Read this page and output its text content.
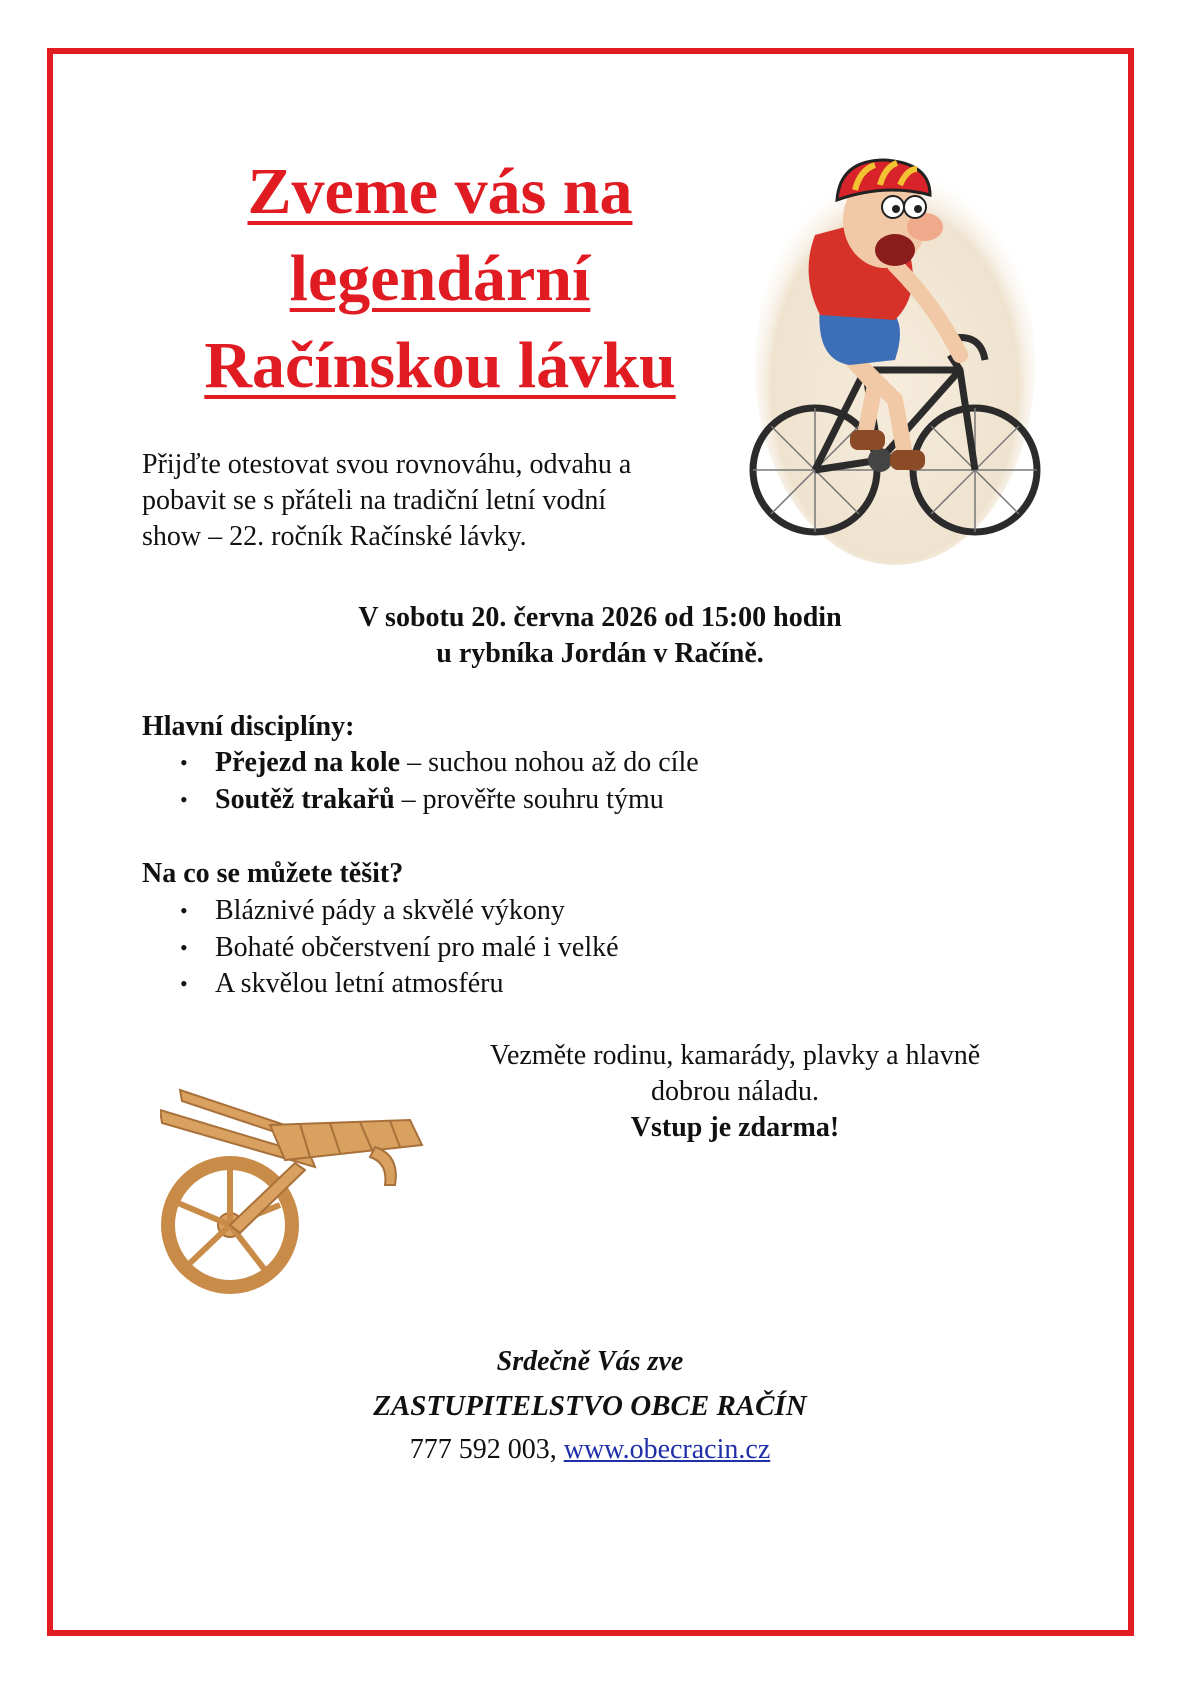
Zveme vás na
legendární
Račínskou lávku
Přijďte otestovat svou rovnováhu, odvahu a
pobavit se s přáteli na tradiční letní vodní
show – 22. ročník Račínské lávky.
V sobotu 20. června 2026 od 15:00 hodin
u rybníka Jordán v Račíně.
Hlavní disciplíny:
• Přejezd na kole – suchou nohou až do cíle
• Soutěž trakařů – prověřte souhru týmu
Na co se můžete těšit?
• Bláznivé pády a skvělé výkony
• Bohaté občerstvení pro malé i velké
• A skvělou letní atmosféru
Vezměte rodinu, kamarády, plavky a hlavně
dobrou náladu.
Vstup je zdarma!
Srdečně Vás zve
ZASTUPITELSTVO OBCE RAČÍN
777 592 003, www.obecracin.cz
